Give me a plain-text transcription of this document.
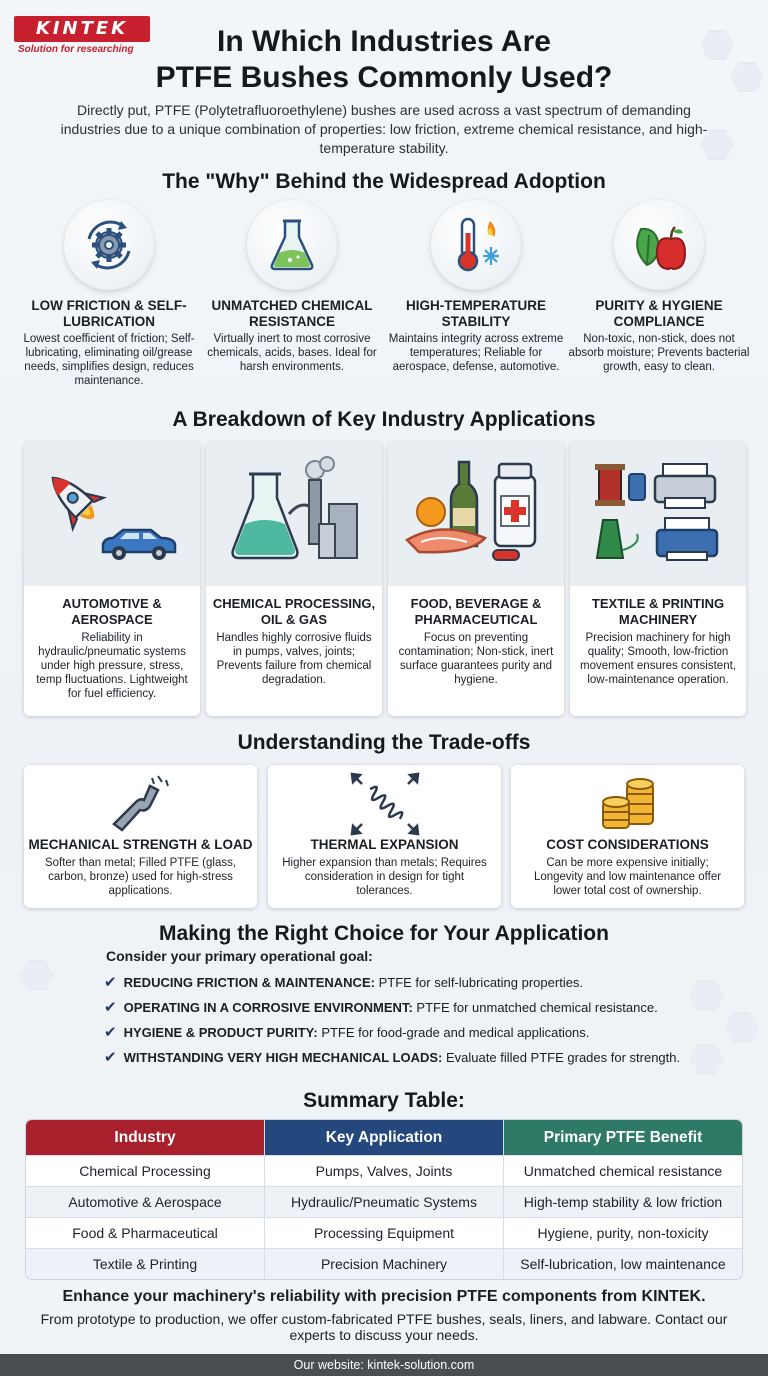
KINTEK
Solution for researching	In Which Industries Are
PTFE Bushes Commonly Used?
Directly put, PTFE (Polytetrafluoroethylene) bushes are used across a vast spectrum of demanding industries due to a unique combination of properties: low friction, extreme chemical resistance, and high-temperature stability.
The "Why" Behind the Widespread Adoption
LOW FRICTION & SELF-LUBRICATION
Lowest coefficient of friction; Self-lubricating, eliminating oil/grease needs, simplifies design, reduces maintenance.
UNMATCHED CHEMICAL RESISTANCE
Virtually inert to most corrosive chemicals, acids, bases. Ideal for harsh environments.
HIGH-TEMPERATURE STABILITY
Maintains integrity across extreme temperatures; Reliable for aerospace, defense, automotive.
PURITY & HYGIENE COMPLIANCE
Non-toxic, non-stick, does not absorb moisture; Prevents bacterial growth, easy to clean.
A Breakdown of Key Industry Applications
AUTOMOTIVE & AEROSPACE
Reliability in hydraulic/pneumatic systems under high pressure, stress, temp fluctuations. Lightweight for fuel efficiency.
CHEMICAL PROCESSING, OIL & GAS
Handles highly corrosive fluids in pumps, valves, joints; Prevents failure from chemical degradation.
FOOD, BEVERAGE & PHARMACEUTICAL
Focus on preventing contamination; Non-stick, inert surface guarantees purity and hygiene.
TEXTILE & PRINTING MACHINERY
Precision machinery for high quality; Smooth, low-friction movement ensures consistent, low-maintenance operation.
Understanding the Trade-offs
MECHANICAL STRENGTH & LOAD
Softer than metal; Filled PTFE (glass, carbon, bronze) used for high-stress applications.
THERMAL EXPANSION
Higher expansion than metals; Requires consideration in design for tight tolerances.
COST CONSIDERATIONS
Can be more expensive initially; Longevity and low maintenance offer lower total cost of ownership.
Making the Right Choice for Your Application
Consider your primary operational goal:
✔ REDUCING FRICTION & MAINTENANCE: PTFE for self-lubricating properties.
✔ OPERATING IN A CORROSIVE ENVIRONMENT: PTFE for unmatched chemical resistance.
✔ HYGIENE & PRODUCT PURITY: PTFE for food-grade and medical applications.
✔ WITHSTANDING VERY HIGH MECHANICAL LOADS: Evaluate filled PTFE grades for strength.
Summary Table:
Industry	Key Application	Primary PTFE Benefit
Chemical Processing	Pumps, Valves, Joints	Unmatched chemical resistance
Automotive & Aerospace	Hydraulic/Pneumatic Systems	High-temp stability & low friction
Food & Pharmaceutical	Processing Equipment	Hygiene, purity, non-toxicity
Textile & Printing	Precision Machinery	Self-lubrication, low maintenance
Enhance your machinery's reliability with precision PTFE components from KINTEK.
From prototype to production, we offer custom-fabricated PTFE bushes, seals, liners, and labware. Contact our experts to discuss your needs.
Our website: kintek-solution.com
